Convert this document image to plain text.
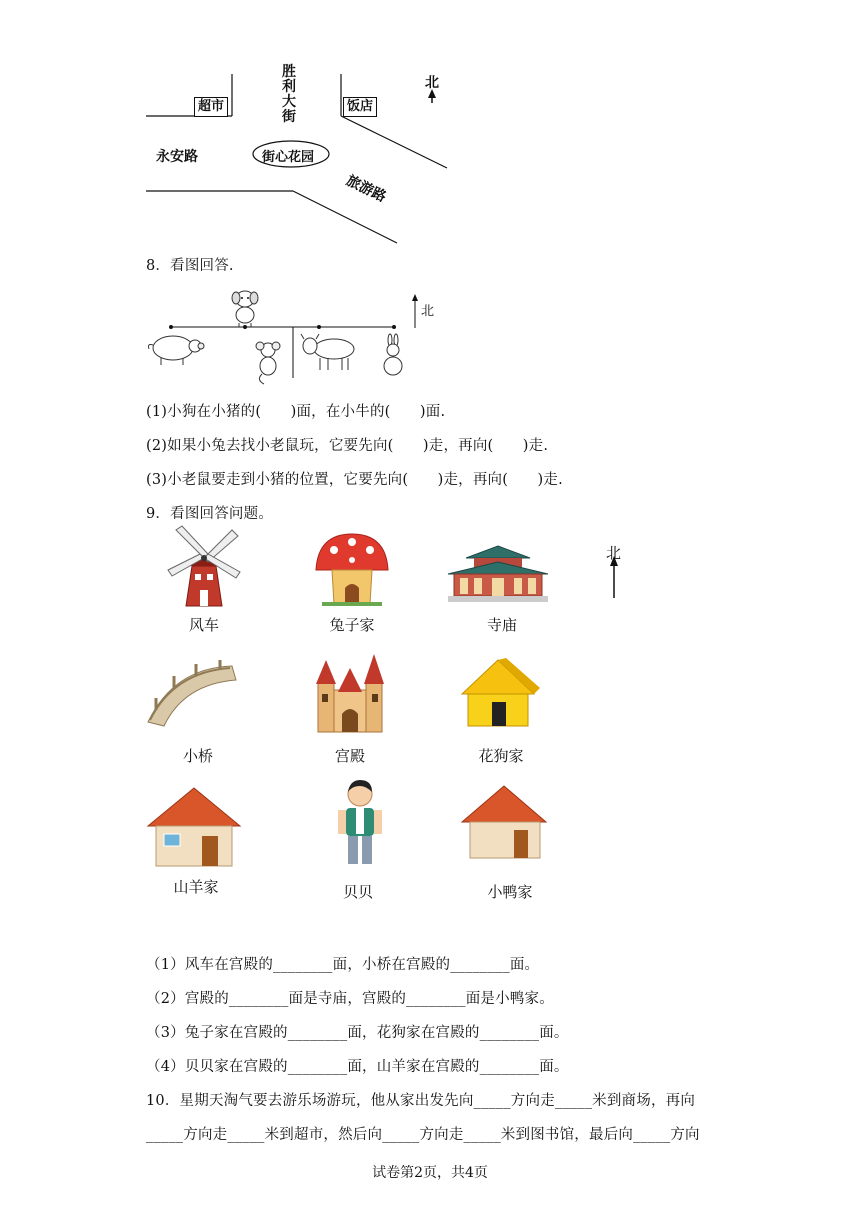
超市
胜
利
大
街
饭店
北
永安路	街心花园
旅游路
8．看图回答.
北
(1)小狗在小猪的(　　)面，在小牛的(　　)面.
(2)如果小兔去找小老鼠玩，它要先向(　　)走，再向(　　)走.
(3)小老鼠要走到小猪的位置，它要先向(　　)走，再向(　　)走.
9．看图回答问题。
北
风车	兔子家	寺庙
小桥	宫殿	花狗家
山羊家	贝贝	小鸭家
（1）风车在宫殿的________面，小桥在宫殿的________面。
（2）宫殿的________面是寺庙，宫殿的________面是小鸭家。
（3）兔子家在宫殿的________面，花狗家在宫殿的________面。
（4）贝贝家在宫殿的________面，山羊家在宫殿的________面。
10．星期天淘气要去游乐场游玩，他从家出发先向_____方向走_____米到商场，再向
_____方向走_____米到超市，然后向_____方向走_____米到图书馆，最后向_____方向
试卷第2页，共4页
